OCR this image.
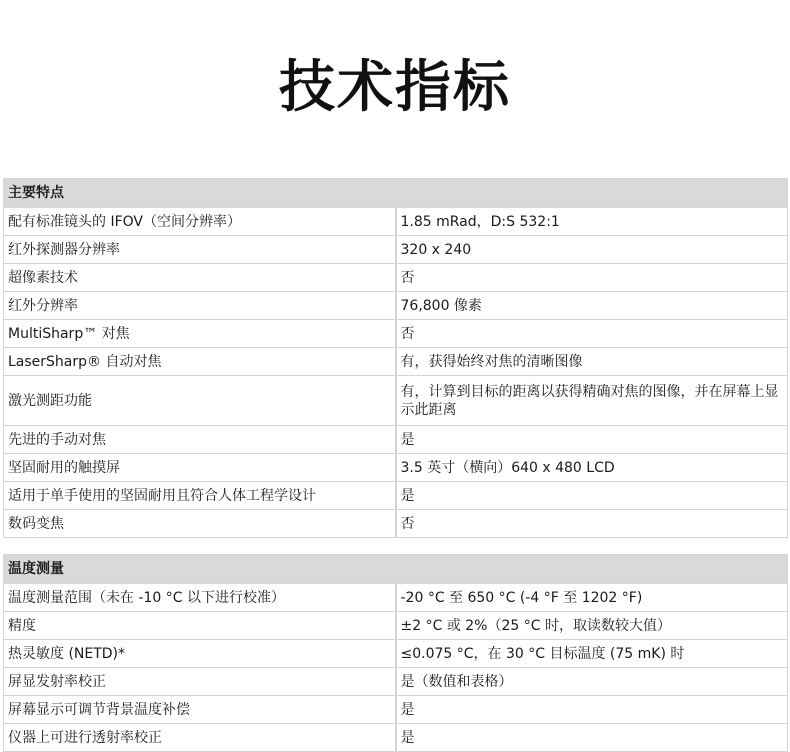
技术指标
主要特点	
配有标准镜头的 IFOV（空间分辨率）	1.85 mRad，D:S 532:1
红外探测器分辨率	320 x 240
超像素技术	否
红外分辨率	76,800 像素
MultiSharp™ 对焦	否
LaserSharp® 自动对焦	有，获得始终对焦的清晰图像
激光测距功能	有，计算到目标的距离以获得精确对焦的图像，并在屏幕上显示此距离
先进的手动对焦	是
坚固耐用的触摸屏	3.5 英寸（横向）640 x 480 LCD
适用于单手使用的坚固耐用且符合人体工程学设计	是
数码变焦	否

温度测量	
温度测量范围（未在 -10 °C 以下进行校准）	-20 °C 至 650 °C (-4 °F 至 1202 °F)
精度	±2 °C 或 2%（25 °C 时，取读数较大值）
热灵敏度 (NETD)*	≤0.075 °C，在 30 °C 目标温度 (75 mK) 时
屏显发射率校正	是（数值和表格）
屏幕显示可调节背景温度补偿	是
仪器上可进行透射率校正	是
